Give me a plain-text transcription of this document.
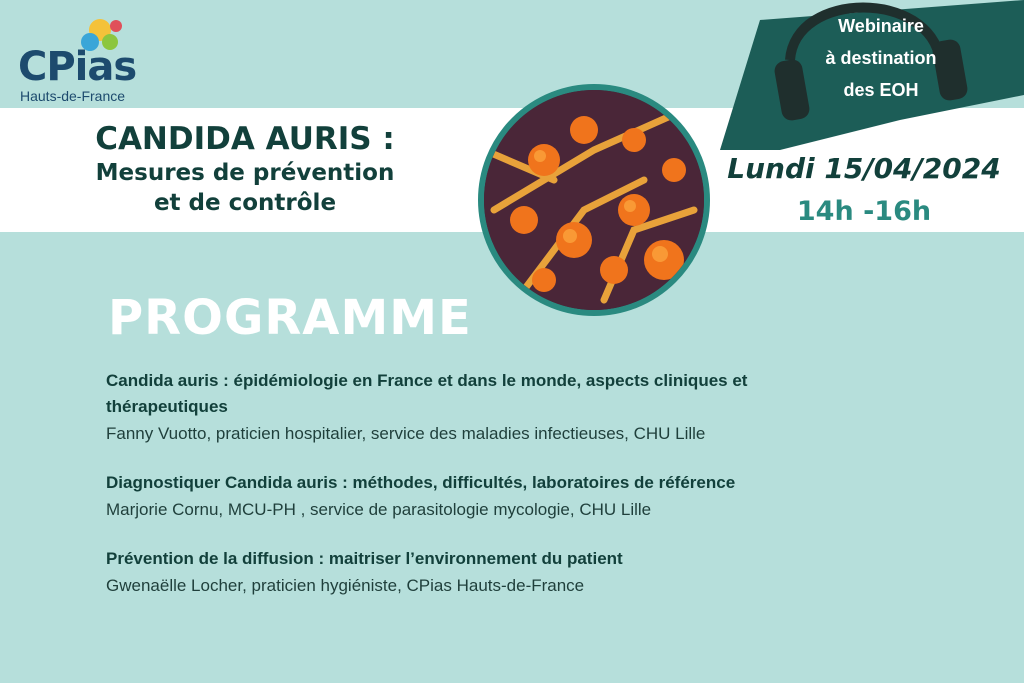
CPias
Hauts-de-France
CANDIDA AURIS :
Mesures de prévention
et de contrôle
Webinaire
à destination
des EOH
Lundi 15/04/2024
14h -16h
PROGRAMME
Candida auris : épidémiologie en France et dans le monde, aspects cliniques et thérapeutiques
Fanny Vuotto, praticien hospitalier, service des maladies infectieuses, CHU Lille
Diagnostiquer Candida auris : méthodes, difficultés, laboratoires de référence
Marjorie Cornu, MCU-PH , service de parasitologie mycologie, CHU Lille
Prévention de la diffusion : maitriser l’environnement du patient
Gwenaëlle Locher, praticien hygiéniste, CPias Hauts-de-France
